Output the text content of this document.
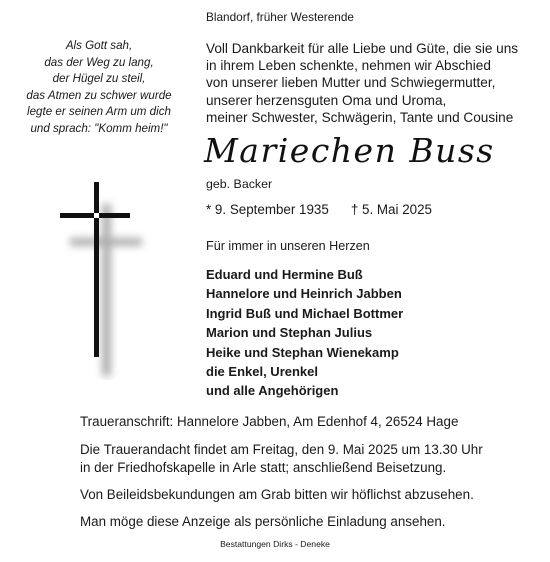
Als Gott sah,
das der Weg zu lang,
der Hügel zu steil,
das Atmen zu schwer wurde
legte er seinen Arm um dich
und sprach: "Komm heim!"
Blandorf, früher Westerende
Voll Dankbarkeit für alle Liebe und Güte, die sie uns
in ihrem Leben schenkte, nehmen wir Abschied
von unserer lieben Mutter und Schwiegermutter,
unserer herzensguten Oma und Uroma,
meiner Schwester, Schwägerin, Tante und Cousine
Mariechen Buss
geb. Backer
* 9. September 1935 † 5. Mai 2025
Für immer in unseren Herzen
Eduard und Hermine Buß
Hannelore und Heinrich Jabben
Ingrid Buß und Michael Bottmer
Marion und Stephan Julius
Heike und Stephan Wienekamp
die Enkel, Urenkel
und alle Angehörigen
Traueranschrift: Hannelore Jabben, Am Edenhof 4, 26524 Hage
Die Trauerandacht findet am Freitag, den 9. Mai 2025 um 13.30 Uhr
in der Friedhofskapelle in Arle statt; anschließend Beisetzung.
Von Beileidsbekundungen am Grab bitten wir höflichst abzusehen.
Man möge diese Anzeige als persönliche Einladung ansehen.
Bestattungen Dirks - Deneke
